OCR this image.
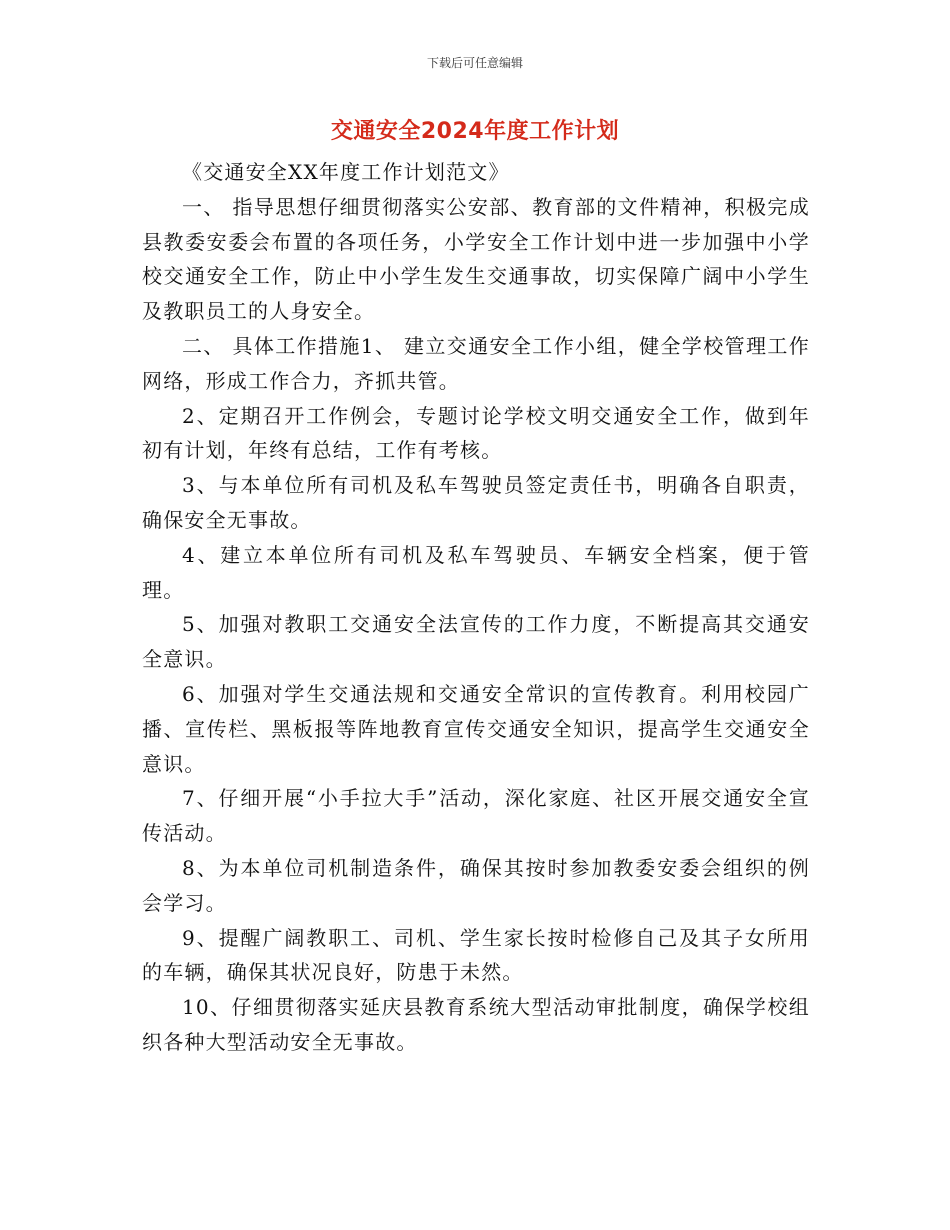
下载后可任意编辑
交通安全2024年度工作计划

《交通安全XX年度工作计划范文》

一、 指导思想仔细贯彻落实公安部、教育部的文件精神，积极完成县教委安委会布置的各项任务，小学安全工作计划中进一步加强中小学校交通安全工作，防止中小学生发生交通事故，切实保障广阔中小学生及教职员工的人身安全。

二、 具体工作措施1、 建立交通安全工作小组，健全学校管理工作网络，形成工作合力，齐抓共管。

2、定期召开工作例会，专题讨论学校文明交通安全工作，做到年初有计划，年终有总结，工作有考核。

3、与本单位所有司机及私车驾驶员签定责任书，明确各自职责，确保安全无事故。

4、建立本单位所有司机及私车驾驶员、车辆安全档案，便于管理。

5、加强对教职工交通安全法宣传的工作力度，不断提高其交通安全意识。

6、加强对学生交通法规和交通安全常识的宣传教育。利用校园广播、宣传栏、黑板报等阵地教育宣传交通安全知识，提高学生交通安全意识。

7、仔细开展“小手拉大手”活动，深化家庭、社区开展交通安全宣传活动。

8、为本单位司机制造条件，确保其按时参加教委安委会组织的例会学习。

9、提醒广阔教职工、司机、学生家长按时检修自己及其子女所用的车辆，确保其状况良好，防患于未然。

10、仔细贯彻落实延庆县教育系统大型活动审批制度，确保学校组织各种大型活动安全无事故。
